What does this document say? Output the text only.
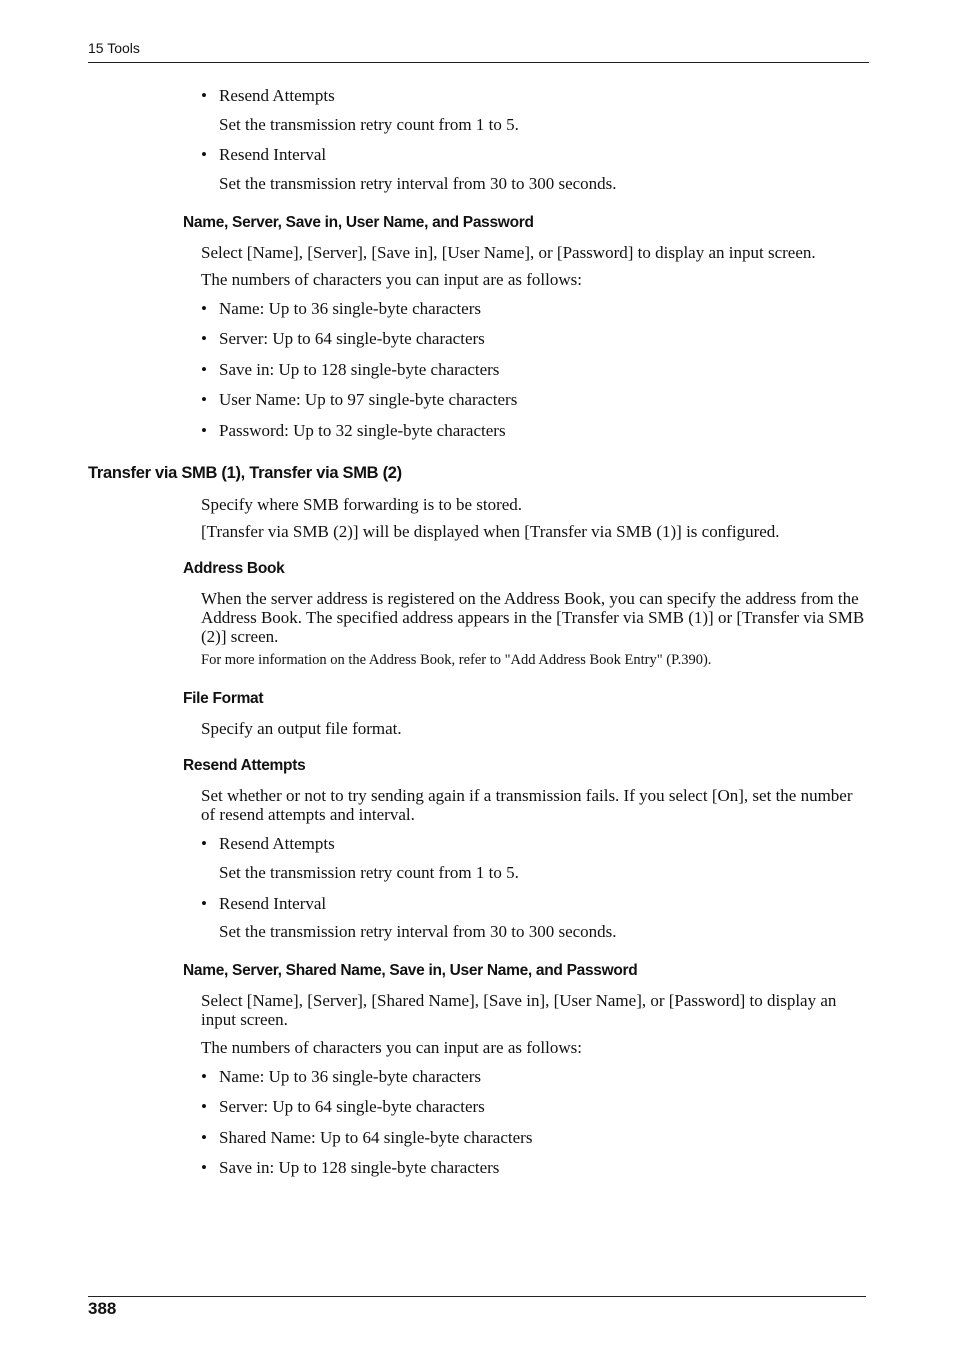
15 Tools
• Resend Attempts
Set the transmission retry count from 1 to 5.
• Resend Interval
Set the transmission retry interval from 30 to 300 seconds.
Name, Server, Save in, User Name, and Password
Select [Name], [Server], [Save in], [User Name], or [Password] to display an input screen.
The numbers of characters you can input are as follows:
• Name: Up to 36 single-byte characters
• Server: Up to 64 single-byte characters
• Save in: Up to 128 single-byte characters
• User Name: Up to 97 single-byte characters
• Password: Up to 32 single-byte characters
Transfer via SMB (1), Transfer via SMB (2)
Specify where SMB forwarding is to be stored.
[Transfer via SMB (2)] will be displayed when [Transfer via SMB (1)] is configured.
Address Book
When the server address is registered on the Address Book, you can specify the address from the Address Book. The specified address appears in the [Transfer via SMB (1)] or [Transfer via SMB (2)] screen.
For more information on the Address Book, refer to "Add Address Book Entry" (P.390).
File Format
Specify an output file format.
Resend Attempts
Set whether or not to try sending again if a transmission fails. If you select [On], set the number of resend attempts and interval.
• Resend Attempts
Set the transmission retry count from 1 to 5.
• Resend Interval
Set the transmission retry interval from 30 to 300 seconds.
Name, Server, Shared Name, Save in, User Name, and Password
Select [Name], [Server], [Shared Name], [Save in], [User Name], or [Password] to display an input screen.
The numbers of characters you can input are as follows:
• Name: Up to 36 single-byte characters
• Server: Up to 64 single-byte characters
• Shared Name: Up to 64 single-byte characters
• Save in: Up to 128 single-byte characters
388
